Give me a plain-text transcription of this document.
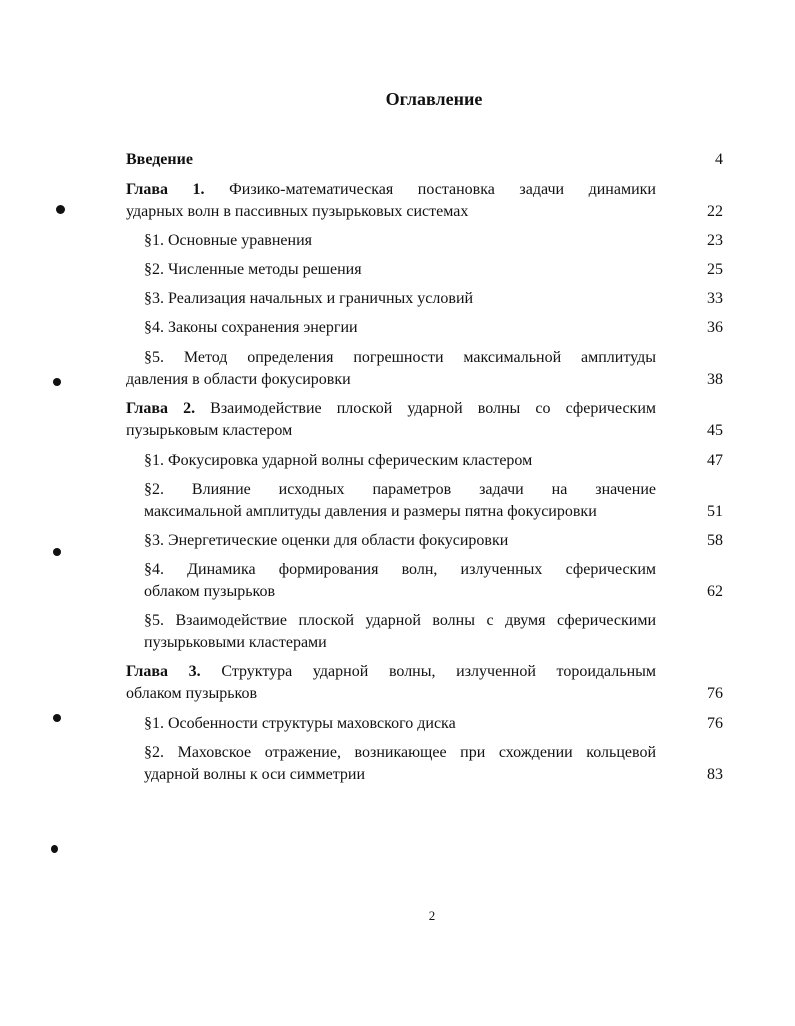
Оглавление
Введение	4
Глава 1. Физико-математическая постановка задачи динамики
ударных волн в пассивных пузырьковых системах	22
§1. Основные уравнения	23
§2. Численные методы решения	25
§3. Реализация начальных и граничных условий	33
§4. Законы сохранения энергии	36
§5. Метод определения погрешности максимальной амплитуды
давления в области фокусировки	38
Глава 2. Взаимодействие плоской ударной волны со сферическим
пузырьковым кластером	45
§1. Фокусировка ударной волны сферическим кластером	47
§2. Влияние исходных параметров задачи на значение
максимальной амплитуды давления и размеры пятна фокусировки	51
§3. Энергетические оценки для области фокусировки	58
§4. Динамика формирования волн, излученных сферическим
облаком пузырьков	62
§5. Взаимодействие плоской ударной волны с двумя сферическими
пузырьковыми кластерами
Глава 3. Структура ударной волны, излученной тороидальным
облаком пузырьков	76
§1. Особенности структуры маховского диска	76
§2. Маховское отражение, возникающее при схождении кольцевой
ударной волны к оси симметрии	83
2
